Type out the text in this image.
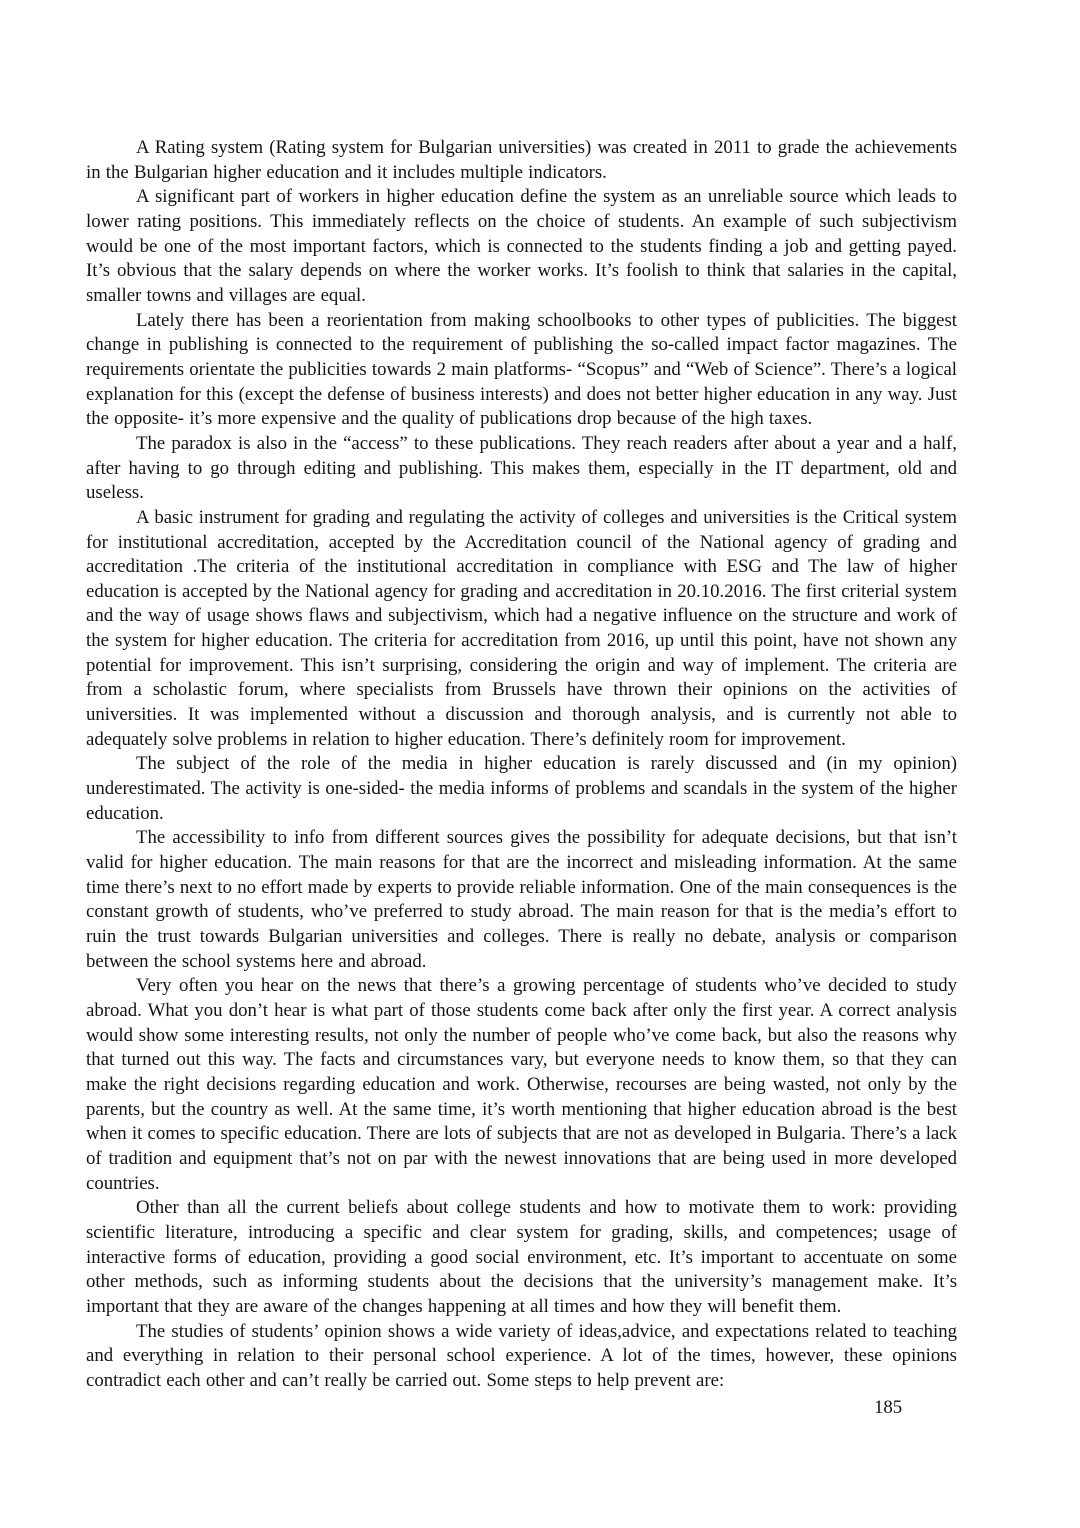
A Rating system (Rating system for Bulgarian universities) was created in 2011 to grade the achievements in the Bulgarian higher education and it includes multiple indicators.

A significant part of workers in higher education define the system as an unreliable source which leads to lower rating positions. This immediately reflects on the choice of students. An example of such subjectivism would be one of the most important factors, which is connected to the students finding a job and getting payed. It’s obvious that the salary depends on where the worker works. It’s foolish to think that salaries in the capital, smaller towns and villages are equal.

Lately there has been a reorientation from making schoolbooks to other types of publicities. The biggest change in publishing is connected to the requirement of publishing the so-called impact factor magazines. The requirements orientate the publicities towards 2 main platforms- “Scopus” and “Web of Science”. There’s a logical explanation for this (except the defense of business interests) and does not better higher education in any way. Just the opposite- it’s more expensive and the quality of publications drop because of the high taxes.

The paradox is also in the “access” to these publications. They reach readers after about a year and a half, after having to go through editing and publishing. This makes them, especially in the IT department, old and useless.

A basic instrument for grading and regulating the activity of colleges and universities is the Critical system for institutional accreditation, accepted by the Accreditation council of the National agency of grading and accreditation .The criteria of the institutional accreditation in compliance with ESG and The law of higher education is accepted by the National agency for grading and accreditation in 20.10.2016. The first criterial system and the way of usage shows flaws and subjectivism, which had a negative influence on the structure and work of the system for higher education. The criteria for accreditation from 2016, up until this point, have not shown any potential for improvement. This isn’t surprising, considering the origin and way of implement. The criteria are from a scholastic forum, where specialists from Brussels have thrown their opinions on the activities of universities. It was implemented without a discussion and thorough analysis, and is currently not able to adequately solve problems in relation to higher education. There’s definitely room for improvement.

The subject of the role of the media in higher education is rarely discussed and (in my opinion) underestimated. The activity is one-sided- the media informs of problems and scandals in the system of the higher education.

The accessibility to info from different sources gives the possibility for adequate decisions, but that isn’t valid for higher education. The main reasons for that are the incorrect and misleading information. At the same time there’s next to no effort made by experts to provide reliable information. One of the main consequences is the constant growth of students, who’ve preferred to study abroad. The main reason for that is the media’s effort to ruin the trust towards Bulgarian universities and colleges. There is really no debate, analysis or comparison between the school systems here and abroad.

Very often you hear on the news that there’s a growing percentage of students who’ve decided to study abroad. What you don’t hear is what part of those students come back after only the first year. A correct analysis would show some interesting results, not only the number of people who’ve come back, but also the reasons why that turned out this way. The facts and circumstances vary, but everyone needs to know them, so that they can make the right decisions regarding education and work. Otherwise, recourses are being wasted, not only by the parents, but the country as well. At the same time, it’s worth mentioning that higher education abroad is the best when it comes to specific education. There are lots of subjects that are not as developed in Bulgaria. There’s a lack of tradition and equipment that’s not on par with the newest innovations that are being used in more developed countries.

Other than all the current beliefs about college students and how to motivate them to work: providing scientific literature, introducing a specific and clear system for grading, skills, and competences; usage of interactive forms of education, providing a good social environment, etc. It’s important to accentuate on some other methods, such as informing students about the decisions that the university’s management make. It’s important that they are aware of the changes happening at all times and how they will benefit them.

The studies of students’ opinion shows a wide variety of ideas,advice, and expectations related to teaching and everything in relation to their personal school experience. A lot of the times, however, these opinions contradict each other and can’t really be carried out. Some steps to help prevent are:

185
